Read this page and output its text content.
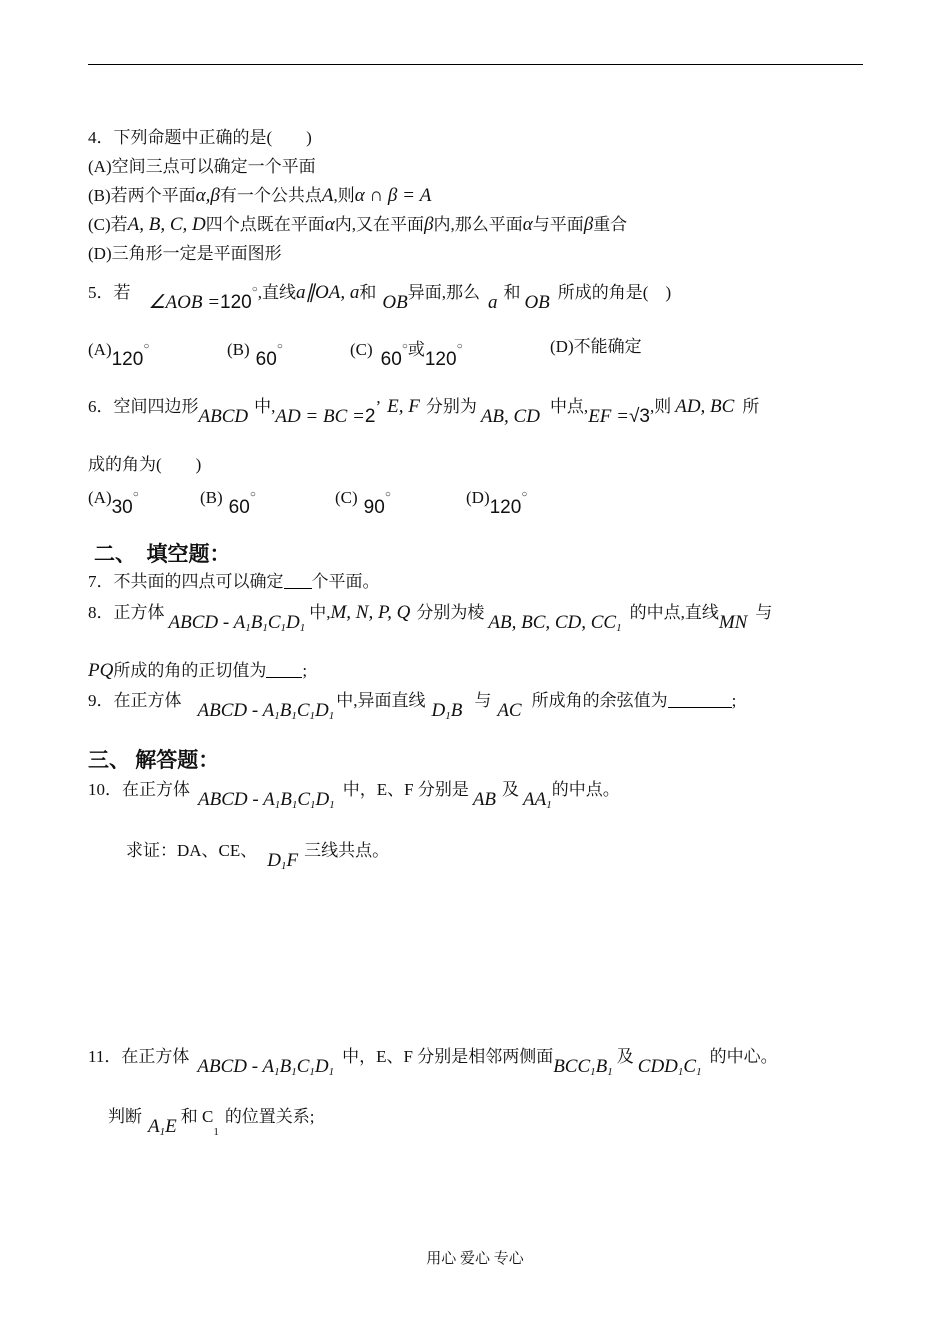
4．下列命题中正确的是(　　)
(A)空间三点可以确定一个平面
(B)若两个平面α,β有一个公共点A,则α ∩ β = A
(C)若A, B, C, D四个点既在平面α内,又在平面β内,那么平面α与平面β重合
(D)三角形一定是平面图形
5．若 ∠AOB =120○,直线a∥OA, a和 OB异面,那么 a 和 OB 所成的角是(　)
(A)120○	(B) 60○	(C) 60○或120○	(D)不能确定
6．空间四边形ABCD 中,AD = BC =2’ E, F 分别为 AB, CD 中点,EF =√3,则 AD, BC 所
成的角为(　　)
(A)30○	(B) 60○	(C) 90○	(D)120○
二、　填空题：
7．不共面的四点可以确定 个平面。
8．正方体 ABCD - $A_1B_1C_1D_1$中,M, N, P, Q 分别为棱 AB, BC, CD, $CC_1$的中点,直线MN 与
PQ所成的角的正切值为 ;
9．在正方体 ABCD - $A_1B_1C_1D_1$中,异面直线 $D_1B$ 与 AC 所成角的余弦值为	;
三、 解答题：
10．在正方体 ABCD - $A_1B_1C_1D_1$中，E、F 分别是 AB 及 $AA_1$的中点。
求证：DA、CE、 $D_1F$ 三线共点。
11．在正方体 ABCD - $A_1B_1C_1D_1$中，E、F 分别是相邻两侧面$BCC_1B_1$及 $CDD_1C_1$的中心。
判断 $A_1E$ 和 $C_1$的位置关系;
用心 爱心 专心
